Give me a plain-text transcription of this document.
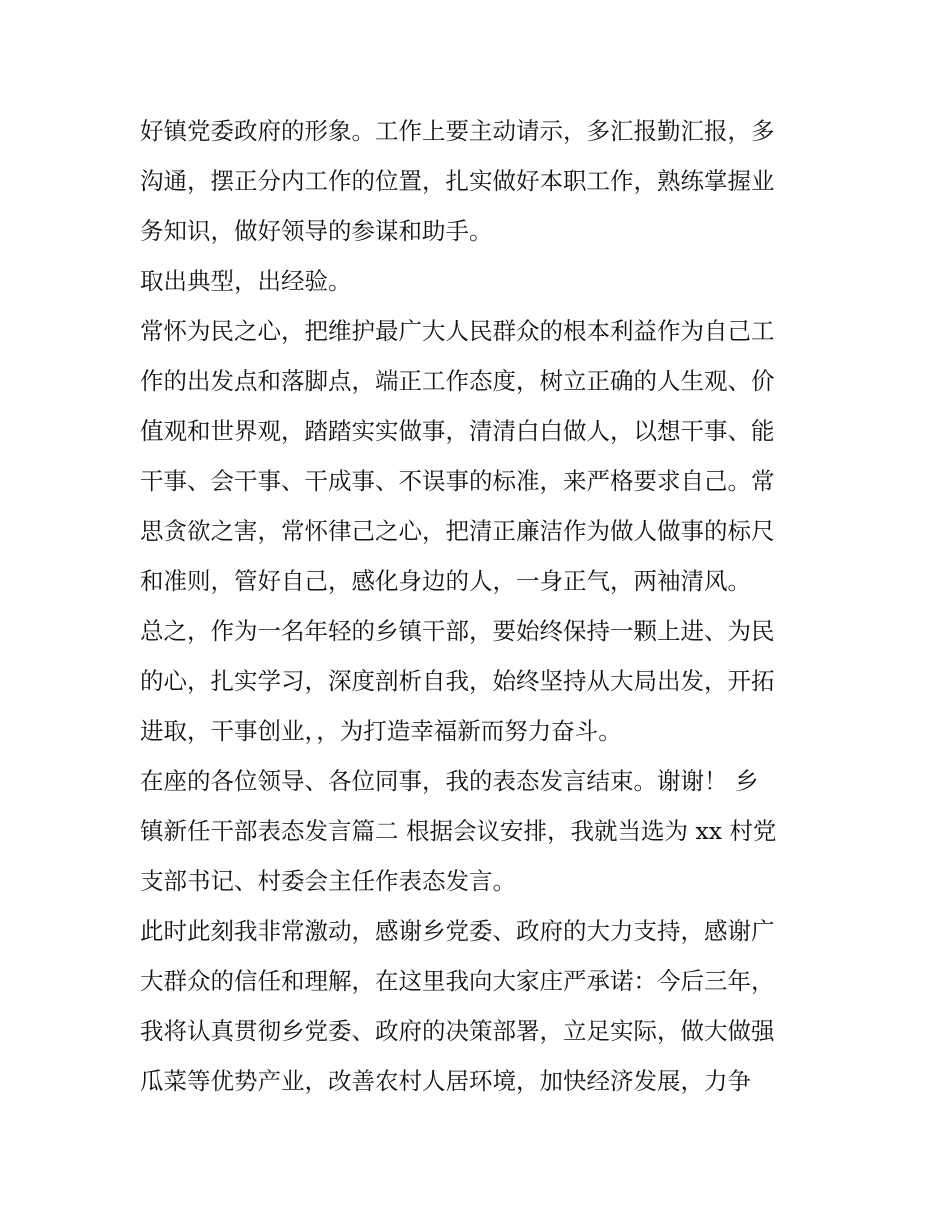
好镇党委政府的形象。工作上要主动请示，多汇报勤汇报，多
沟通，摆正分内工作的位置，扎实做好本职工作，熟练掌握业
务知识，做好领导的参谋和助手。
取出典型，出经验。
常怀为民之心，把维护最广大人民群众的根本利益作为自己工
作的出发点和落脚点，端正工作态度，树立正确的人生观、价
值观和世界观，踏踏实实做事，清清白白做人，以想干事、能
干事、会干事、干成事、不误事的标准，来严格要求自己。常
思贪欲之害，常怀律己之心，把清正廉洁作为做人做事的标尺
和准则，管好自己，感化身边的人，一身正气，两袖清风。
总之，作为一名年轻的乡镇干部，要始终保持一颗上进、为民
的心，扎实学习，深度剖析自我，始终坚持从大局出发，开拓
进取，干事创业，，为打造幸福新而努力奋斗。
在座的各位领导、各位同事，我的表态发言结束。谢谢！ 乡
镇新任干部表态发言篇二 根据会议安排，我就当选为 xx 村党
支部书记、村委会主任作表态发言。
此时此刻我非常激动，感谢乡党委、政府的大力支持，感谢广
大群众的信任和理解，在这里我向大家庄严承诺：今后三年，
我将认真贯彻乡党委、政府的决策部署，立足实际，做大做强
瓜菜等优势产业，改善农村人居环境，加快经济发展，力争
